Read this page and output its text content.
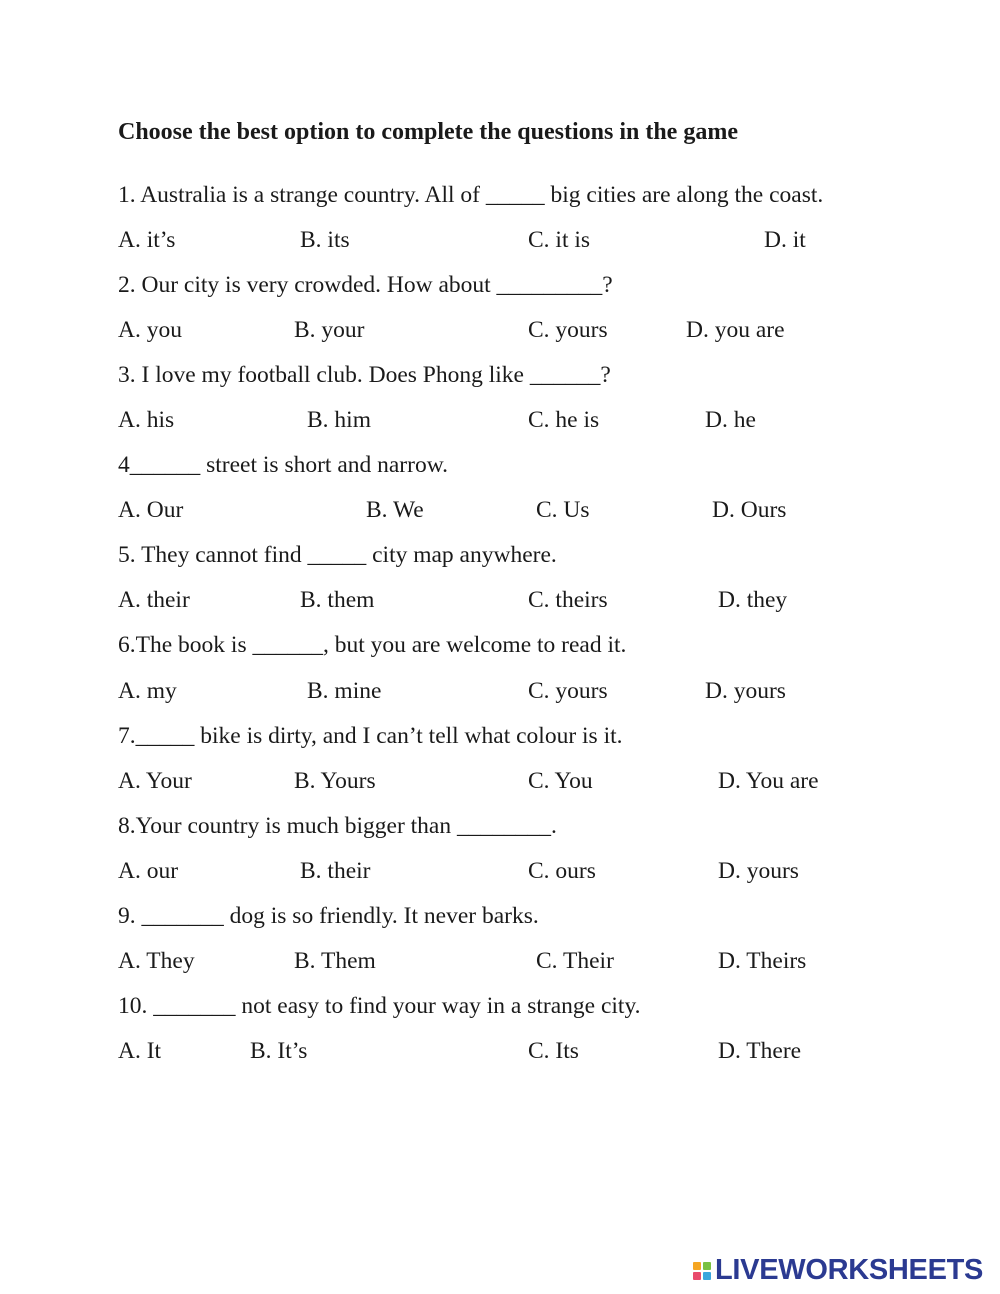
Choose the best option to complete the questions in the game
1. Australia is a strange country. All of _____ big cities are along the coast.
A. it’s	B. its	C. it is	D. it
2. Our city is very crowded. How about _________?
A. you	B. your	C. yours	D. you are
3. I love my football club. Does Phong like ______?
A. his	B. him	C. he is	D. he
4______ street is short and narrow.
A. Our	B. We	C. Us	D. Ours
5. They cannot find _____ city map anywhere.
A. their	B. them	C. theirs	D. they
6.The book is ______, but you are welcome to read it.
A. my	B. mine	C. yours	D. yours
7._____ bike is dirty, and I can’t tell what colour is it.
A. Your	B. Yours	C. You	D. You are
8.Your country is much bigger than ________.
A. our	B. their	C. ours	D. yours
9. _______ dog is so friendly. It never barks.
A. They	B. Them	C. Their	D. Theirs
10. _______ not easy to find your way in a strange city.
A. It	B. It’s	C. Its	D. There
LIVEWORKSHEETS
